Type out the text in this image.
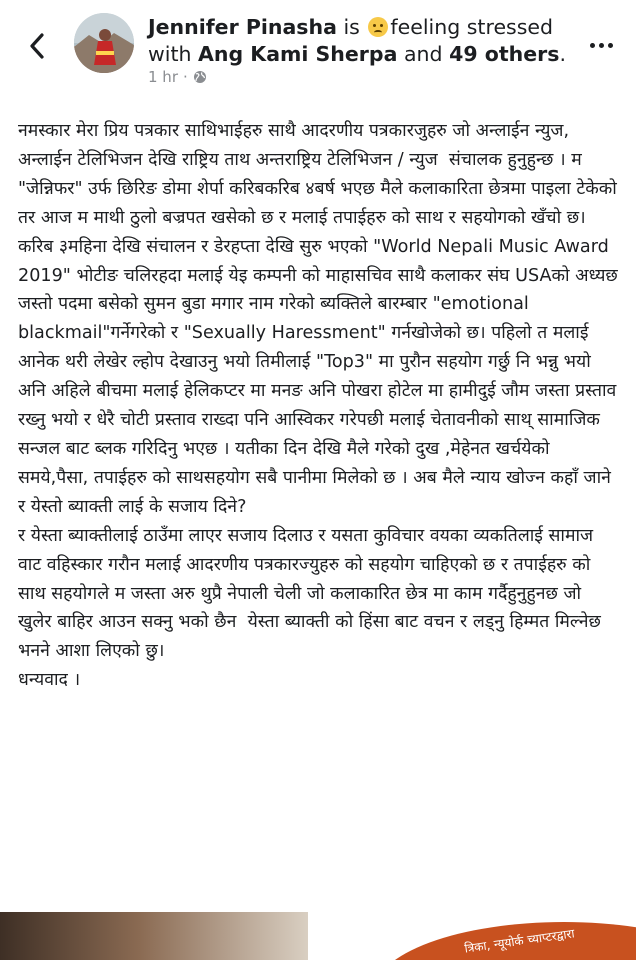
Jennifer Pinasha is feeling stressed with Ang Kami Sherpa and 49 others.
1 hr ·

नमस्कार मेरा प्रिय पत्रकार साथिभाईहरु साथै आदरणीय पत्रकारजुहरु जो अन्लाईन न्युज, अन्लाईन टेलिभिजन देखि राष्ट्रिय ताथ अन्तराष्ट्रिय टेलिभिजन / न्युज  संचालक हुनुहुन्छ । म "जेन्निफर" उर्फ छिरिङ डोमा शेर्पा करिबकरिब ४बर्ष भएछ मैले कलाकारिता छेत्रमा पाइला टेकेको तर आज म माथी ठुलो बज्रपत खसेको छ र मलाई तपाईहरु को साथ र सहयोगको खँचो छ। करिब ३महिना देखि संचालन र डेरहप्ता देखि सुरु भएको "World Nepali Music Award 2019" भोटीङ चलिरहदा मलाई येइ कम्पनी को माहासचिव साथै कलाकर संघ USAको अध्यछ जस्तो पदमा बसेको सुमन बुडा मगार नाम गरेको ब्यक्तिले बारम्बार "emotional blackmail"गर्नेगरेको र "Sexually Haressment" गर्नखोजेको छ। पहिलो त मलाई आनेक थरी लेखेर ल्होप देखाउनु भयो तिमीलाई "Top3" मा पुरौन सहयोग गर्छु नि भन्नु भयो अनि अहिले बीचमा मलाई हेलिकप्टर मा मनङ अनि पोखरा होटेल मा हामीदुई जौम जस्ता प्रस्ताव  रख्नु भयो र धेरै चोटी प्रस्ताव राख्दा पनि आस्विकर गरेपछी मलाई चेतावनीको साथ् सामाजिक सन्जल बाट ब्लक गरिदिनु भएछ । यतीका दिन देखि मैले गरेको दुख ,मेहेनत खर्चयेको समये,पैसा, तपाईहरु को साथसहयोग सबै पानीमा मिलेको छ । अब मैले न्याय खोज्न कहाँ जाने र येस्तो ब्याक्ती लाई के सजाय दिने?

र येस्ता ब्याक्तीलाई ठाउँमा लाएर सजाय दिलाउ र यसता कुविचार वयका व्यकतिलाई सामाज वाट वहिस्कार गरौन मलाई आदरणीय पत्रकारज्युहरु को सहयोग चाहिएको छ र तपाईहरु को साथ सहयोगले म जस्ता अरु थुप्रै नेपाली चेली जो कलाकारित छेत्र मा काम गर्दैहुनुहुनछ जो खुलेर बाहिर आउन सक्नु भको छैन  येस्ता ब्याक्ती को हिंसा बाट वचन र लड्नु हिम्मत मिल्नेछ भनने आशा लिएको छु।

धन्यवाद ।

त्रिका, न्यूयोर्क च्याप्टरद्वारा
